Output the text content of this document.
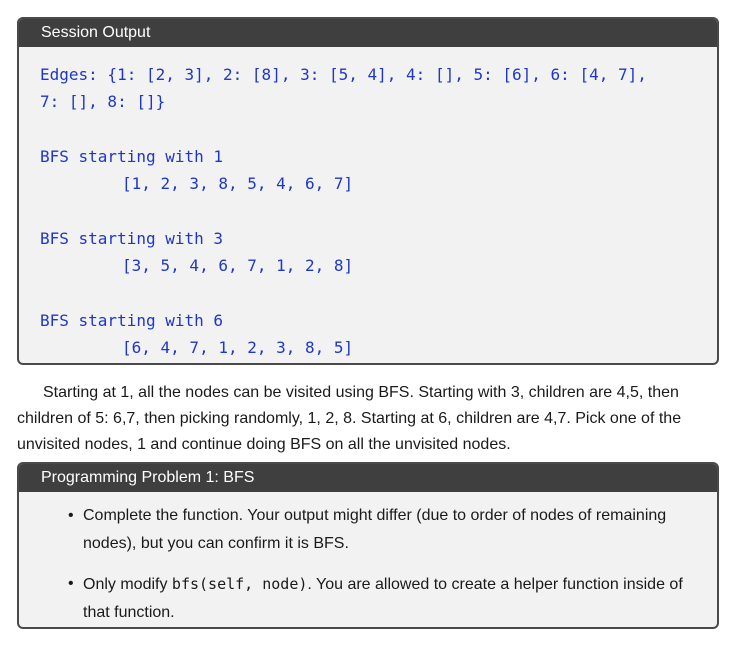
Session Output
Edges: {1: [2, 3], 2: [8], 3: [5, 4], 4: [], 5: [6], 6: [4, 7],
7: [], 8: []}
BFS starting with 1
[1, 2, 3, 8, 5, 4, 6, 7]
BFS starting with 3
[3, 5, 4, 6, 7, 1, 2, 8]
BFS starting with 6
[6, 4, 7, 1, 2, 3, 8, 5]

Starting at 1, all the nodes can be visited using BFS. Starting with 3, children are 4,5, then children of 5: 6,7, then picking randomly, 1, 2, 8. Starting at 6, children are 4,7. Pick one of the unvisited nodes, 1 and continue doing BFS on all the unvisited nodes.

Programming Problem 1: BFS
• Complete the function. Your output might differ (due to order of nodes of remaining nodes), but you can confirm it is BFS.
• Only modify bfs(self, node). You are allowed to create a helper function inside of that function.
